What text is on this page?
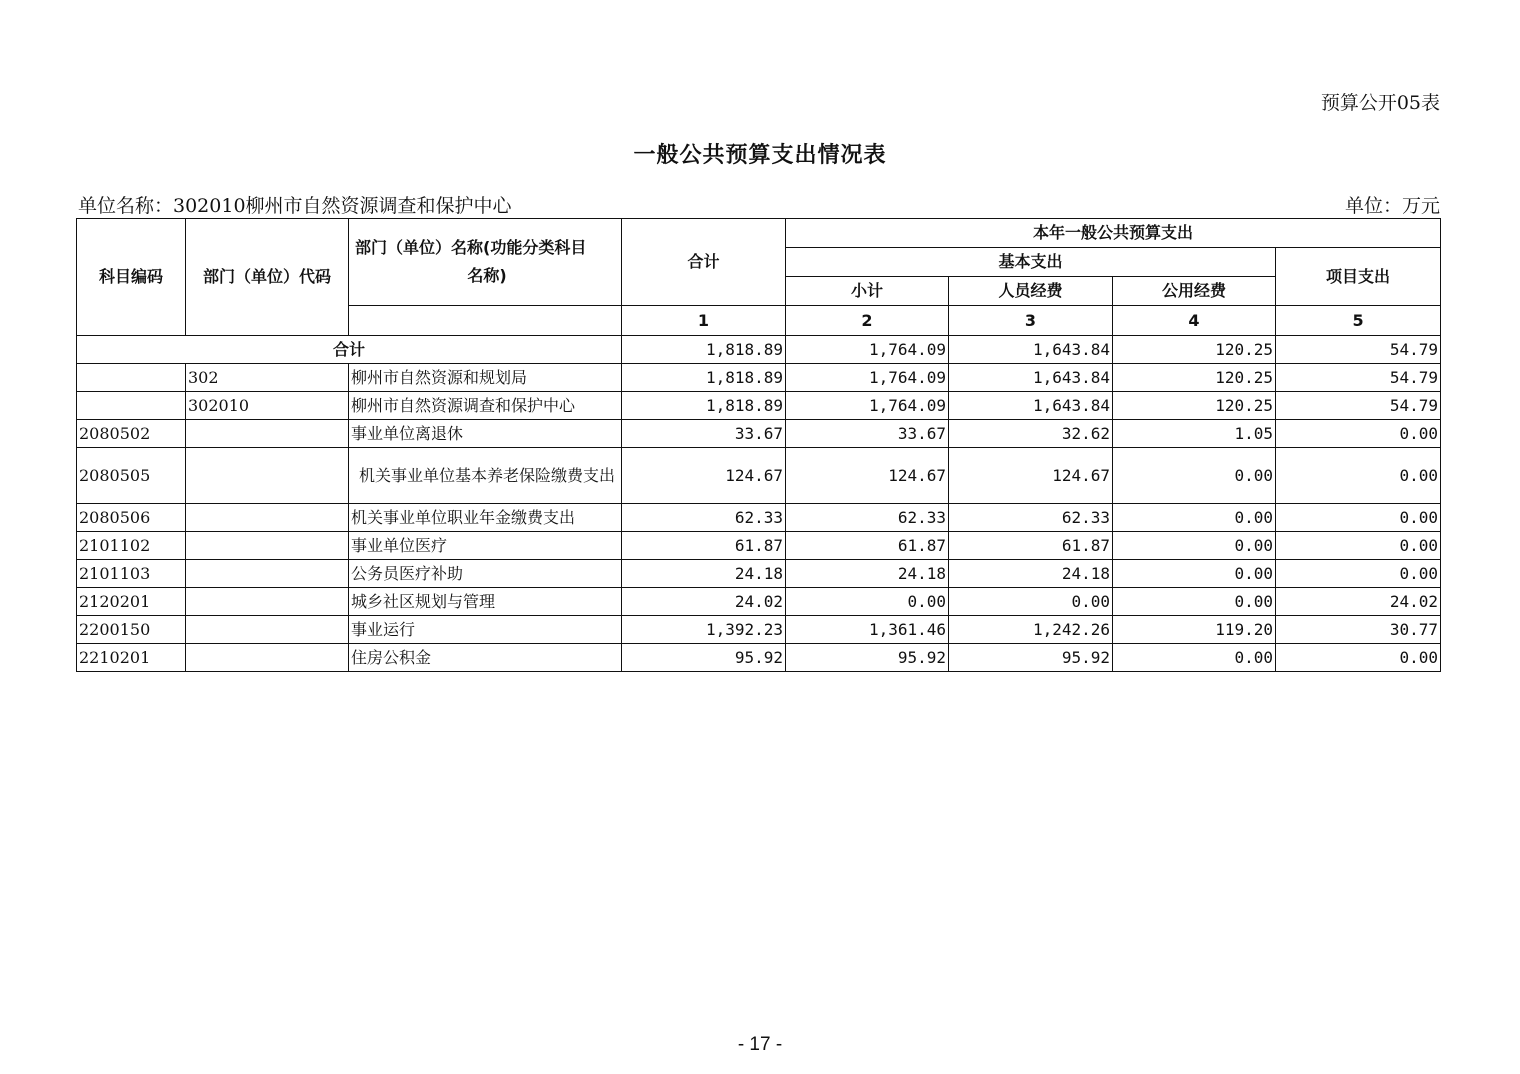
预算公开05表
一般公共预算支出情况表
单位名称：302010柳州市自然资源调查和保护中心	单位：万元
科目编码	部门（单位）代码	部门（单位）名称(功能分类科目

名称)	合计	本年一般公共预算支出			
				基本支出			项目支出
				小计	人员经费	公用经费	
			1	2	3	4	5
合计			1,818.89	1,764.09	1,643.84	120.25	54.79
	302	柳州市自然资源和规划局	1,818.89	1,764.09	1,643.84	120.25	54.79
	302010	柳州市自然资源调查和保护中心	1,818.89	1,764.09	1,643.84	120.25	54.79
2080502		事业单位离退休	33.67	33.67	32.62	1.05	0.00
2080505		机关事业单位基本养老保险缴费支出	124.67	124.67	124.67	0.00	0.00
2080506		机关事业单位职业年金缴费支出	62.33	62.33	62.33	0.00	0.00
2101102		事业单位医疗	61.87	61.87	61.87	0.00	0.00
2101103		公务员医疗补助	24.18	24.18	24.18	0.00	0.00
2120201		城乡社区规划与管理	24.02	0.00	0.00	0.00	24.02
2200150		事业运行	1,392.23	1,361.46	1,242.26	119.20	30.77
2210201		住房公积金	95.92	95.92	95.92	0.00	0.00
- 17 -
